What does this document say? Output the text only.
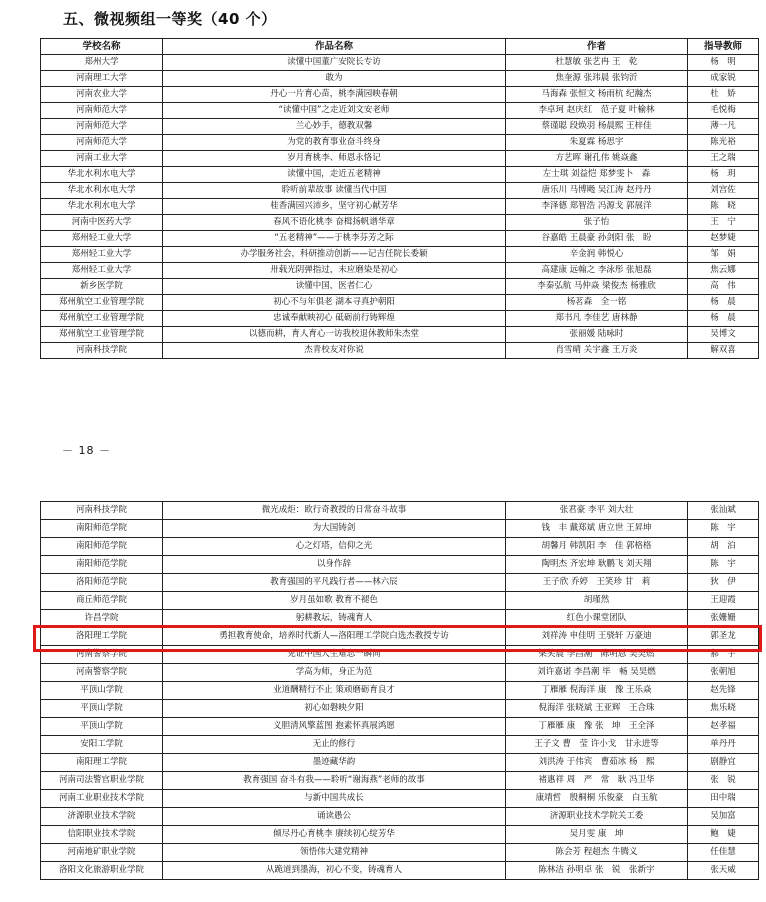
五、微视频组一等奖（40 个）
学校名称	作品名称	作者	指导教师
郑州大学	读懂中国董广安院长专访	杜慧敏 张艺冉 王　乾	杨　明
河南理工大学	敢为	焦奎源 张玮晨 张钧沂	成家锐
河南农业大学	丹心一片育心苗，桃李满园映春朝	马海森 张恒文 杨雨杭 纪瀚杰	杜　娇
河南师范大学	“读懂中国”之走近刘文安老师	李卓珂 赵庆红　范子夏 叶榆林	毛悦梅
河南师范大学	兰心妙手，德教双馨	蔡谨聪 段焕羽 杨晨熙 王梓佳	薄一凡
河南师范大学	为党的教育事业奋斗终身	朱夏霖 杨思宇	陈光裕
河南工业大学	岁月育桃李、师恩永恪记	方艺晖 谢孔伟 姚焱鑫	王之瑞
华北水利水电大学	读懂中国，走近五老精神	左士琪 刘益恺 郑梦雯卜　森	杨　玥
华北水利水电大学	聆听前辈故事 读懂当代中国	唐乐川 马博飏 吴江涛 赵丹丹	刘宫佐
华北水利水电大学	桂香满园兴沛乡，坚守初心献芳华	李泽德 郑智浩 冯源戈 郭展洋	陈　晓
河南中医药大学	春风不语化桃李 奋楫扬帆谱华章	张子怡	王　宁
郑州轻工业大学	“五老精神”——于桃李芬芳之际	谷嘉皓 王晨豪 孙剑阳 张　盼	赵梦婕
郑州轻工业大学	办学服务社会，科研推动创新——记吉任院长委颖	辛金润 韩悦心	邹　娟
郑州轻工业大学	卅载光阴弹指过，未应磨染是初心	高建康 远翰之 李泳彤 张旭磊	焦云娜
新乡医学院	读懂中国，医者仁心	李秦弘航 马仲焱 梁俊杰 杨雅欣	高　伟
郑州航空工业管理学院	初心不与年俱老 湖本寻真护朝阳	杨茗森　全一铭	杨　晨
郑州航空工业管理学院	忠诚奉献映初心 砥砺前行铸辉煌	郑书凡 李佳艺 唐林静	杨　晨
郑州航空工业管理学院	以德而耕，育人育心一访我校退休教师朱杰堂	张丽媛 陆咏时	吴博文
河南科技学院	杰青校友对你说	肖雪晴 关宇鑫 王万炎	解双喜
－ 18 －
河南科技学院	微光成炬：欧行奇教授的日常奋斗故事	张君豪 李平 刘大壮	张汕斌
南阳师范学院	为大国铸剑	钱　丰 戴郑斌 唐立世 王昇坤	陈　宇
南阳师范学院	心之灯塔，信仰之光	胡馨月 韩凯阳 李　佳 郭格格	胡　泊
南阳师范学院	以身作辞	陶明杰 齐宏坤 耿鹏飞 刘天翔	陈　宇
洛阳师范学院	教育强国的平凡践行者——林六辰	王子欣 乔婷　王笑珍 甘　莉	狄　伊
商丘师范学院	岁月虽如歌 教育不褪色	胡瑾然	王迎霞
许昌学院	躬耕教坛，铸魂育人	红色小课堂团队	张姗姗
洛阳理工学院	勇担教育使命，培养时代新人—洛阳理工学院白选杰教授专访	刘祥涛 申佳明 王骁轩 万豪迪	郭圣龙
河南警察学院	见证中国人生难忘一瞬间	梁笑晨 李昌潮　陈明恩 吴昊燃	郝　宇
河南警察学院	学高为师，身正为范	刘许嘉诺 李昌潮 毕　畅 吴昊燃	张朝旭
平顶山学院	业道酬精行不止 策顽磨砺育良才	丁雁雁 倪海洋 康　豫 王乐焱	赵先锋
平顶山学院	初心如磐映夕阳	倪海洋 张晓斌 王亚辉　王合珠	焦乐晓
平顶山学院	义胆清风擎蓝图 抱素怀真展鸿愿	丁雁雁 康　豫 张　坤　王全泽	赵孝福
安阳工学院	无止的修行	王子文 曹　莹 许小戈　甘永进等	单丹丹
南阳理工学院	墨迹藏华韵	刘洪涛 于伟宾　曹茹冰 杨　熙	剧静宜
河南司法警官职业学院	教育强国 奋斗有我——聆听“谢海燕”老师的故事	褚惠祥 周　严　常　耿 冯卫华	张　锐
河南工业职业技术学院	与新中国共成长	康靖哲　殷桐桐 乐俊豪　白玉航	田中瑞
济源职业技术学院	诵读愚公	济源职业技术学院关工委	吴加富
信阳职业技术学院	倾尽丹心育桃李 赓续初心绽芳华	吴月雯 康　坤	鲍　婕
河南地矿职业学院	领悟伟大建党精神	陈会芳 程超杰 牛腾义	任佳慧
洛阳文化旅游职业学院	从跪道到墨海，初心不变，铸魂育人	陈林洁 孙明卓 张　锐　张新宇	张天威
